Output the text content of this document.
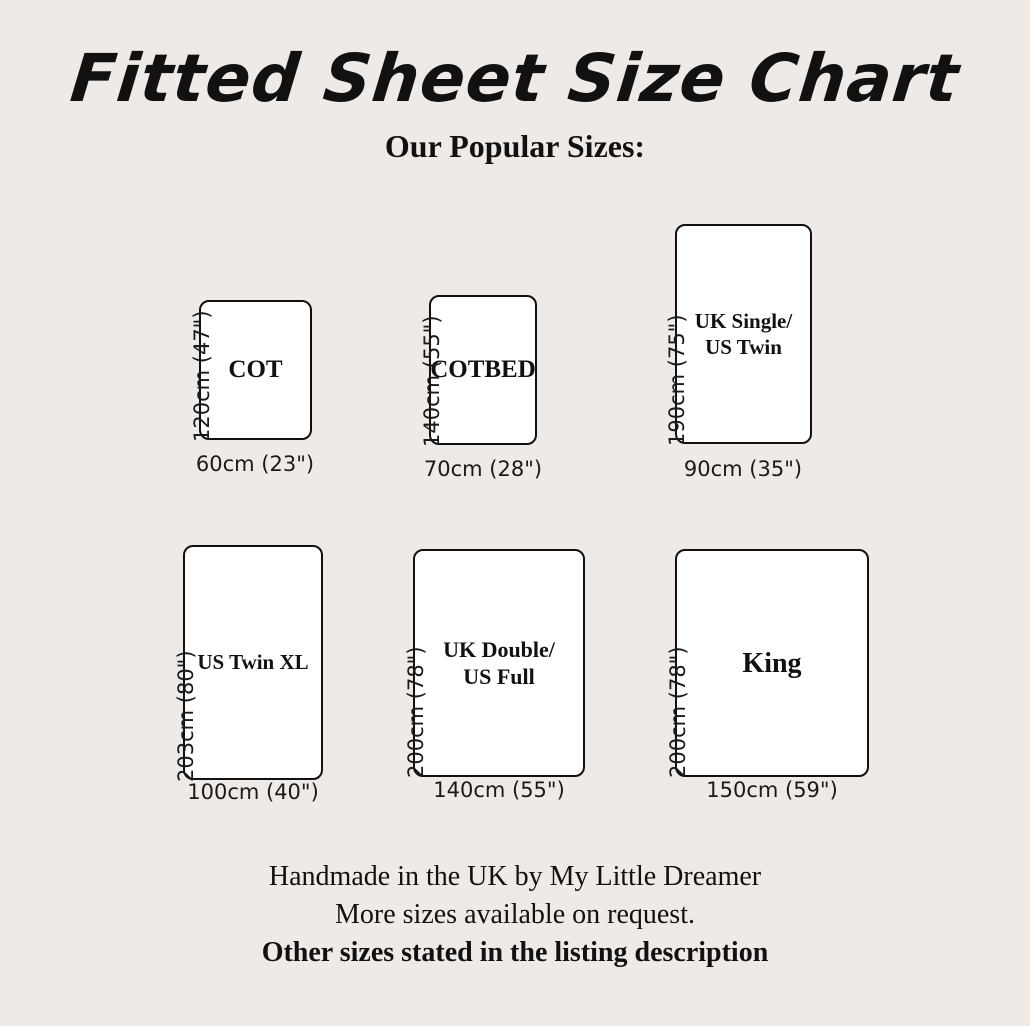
Fitted Sheet Size Chart
Our Popular Sizes:
COT
120cm (47")
60cm (23")
COTBED
140cm (55")
70cm (28")
UK Single/
US Twin
190cm (75")
90cm (35")
US Twin XL
203cm (80")
100cm (40")
UK Double/
US Full
200cm (78")
140cm (55")
King
200cm (78")
150cm (59")
Handmade in the UK by My Little Dreamer
More sizes available on request.
Other sizes stated in the listing description
